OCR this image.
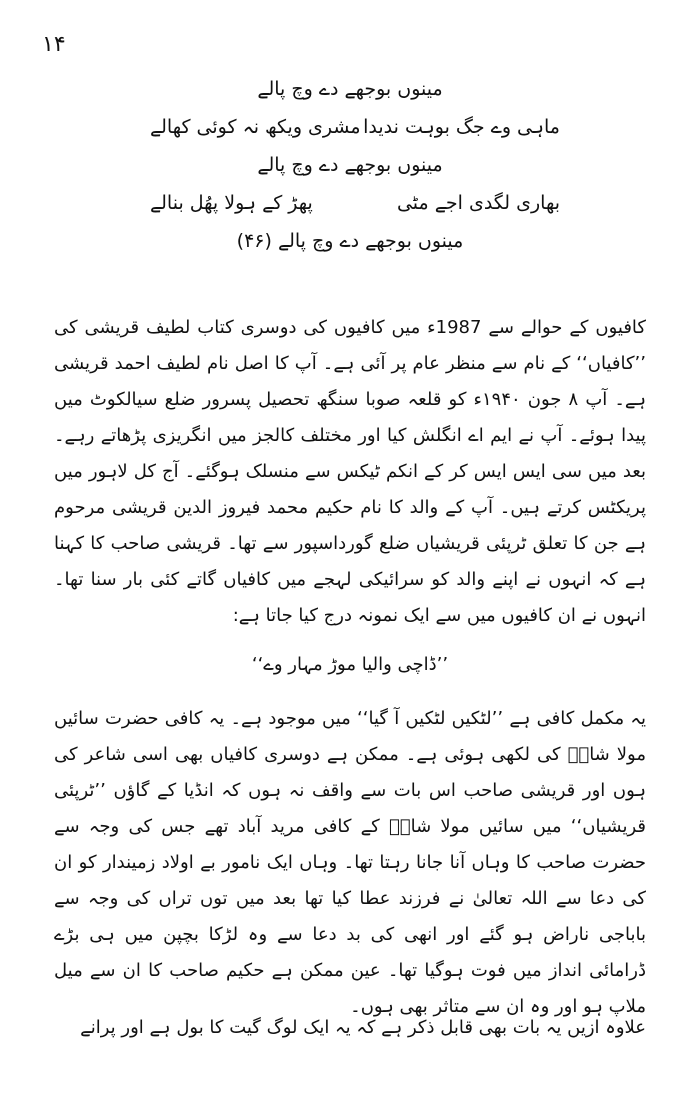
۱۴
مینوں بوجھے دے وچ پالے
ماہی وے جگ بوہت ندیدا
مشری ویکھ نہ کوئی کھالے
مینوں بوجھے دے وچ پالے
بھاری لگدی اجے مٹی
پھڑ کے ہولا پھُل بنالے
مینوں بوجھے دے وچ پالے (۴۶)

کافیوں کے حوالے سے 1987ء میں کافیوں کی دوسری کتاب لطیف قریشی کی ’’کافیاں‘‘ کے نام سے منظر عام پر آئی ہے۔ آپ کا اصل نام لطیف احمد قریشی ہے۔ آپ ۸ جون ۱۹۴۰ء کو قلعہ صوبا سنگھ تحصیل پسرور ضلع سیالکوٹ میں پیدا ہوئے۔ آپ نے ایم اے انگلش کیا اور مختلف کالجز میں انگریزی پڑھاتے رہے۔ بعد میں سی ایس ایس کر کے انکم ٹیکس سے منسلک ہوگئے۔ آج کل لاہور میں پریکٹس کرتے ہیں۔ آپ کے والد کا نام حکیم محمد فیروز الدین قریشی مرحوم ہے جن کا تعلق ٹرپئی قریشیاں ضلع گورداسپور سے تھا۔ قریشی صاحب کا کہنا ہے کہ انہوں نے اپنے والد کو سرائیکی لہجے میں کافیاں گاتے کئی بار سنا تھا۔ انہوں نے ان کافیوں میں سے ایک نمونہ درج کیا جاتا ہے:

’’ڈاچی والیا موڑ مہار وے‘‘

یہ مکمل کافی ہے ’’لٹکیں لٹکیں آ گیا‘‘ میں موجود ہے۔ یہ کافی حضرت سائیں مولا شاہؒ کی لکھی ہوئی ہے۔ ممکن ہے دوسری کافیاں بھی اسی شاعر کی ہوں اور قریشی صاحب اس بات سے واقف نہ ہوں کہ انڈیا کے گاؤں ’’ٹرپئی قریشیاں‘‘ میں سائیں مولا شاہؒ کے کافی مرید آباد تھے جس کی وجہ سے حضرت صاحب کا وہاں آنا جانا رہتا تھا۔ وہاں ایک نامور بے اولاد زمیندار کو ان کی دعا سے اللہ تعالیٰ نے فرزند عطا کیا تھا بعد میں توں تراں کی وجہ سے باباجی ناراض ہو گئے اور انھی کی بد دعا سے وہ لڑکا بچپن میں ہی بڑے ڈرامائی انداز میں فوت ہوگیا تھا۔ عین ممکن ہے حکیم صاحب کا ان سے میل ملاپ ہو اور وہ ان سے متاثر بھی ہوں۔

علاوہ ازیں یہ بات بھی قابل ذکر ہے کہ یہ ایک لوگ گیت کا بول ہے اور پرانے
